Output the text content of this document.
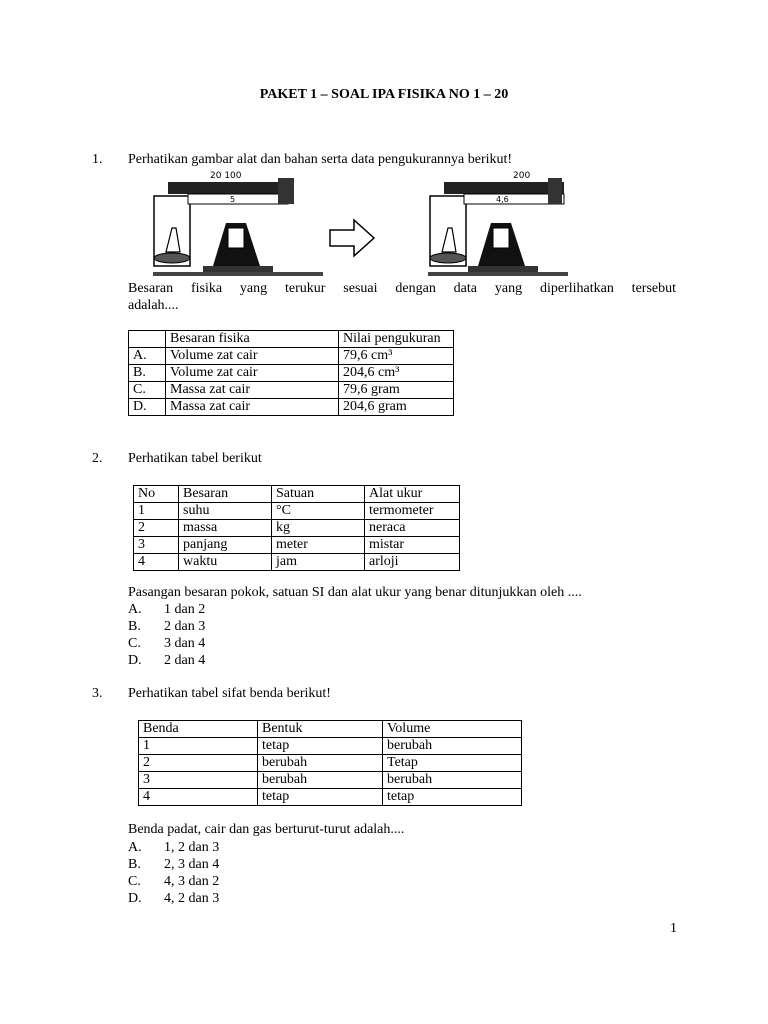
PAKET 1 – SOAL IPA FISIKA NO 1 – 20
1. Perhatikan gambar alat dan bahan serta data pengukurannya berikut!
20 100
5
200
4,6
Besaran fisika yang terukur sesuai dengan data yang diperlihatkan tersebut
adalah....
	Besaran fisika	Nilai pengukuran
A.	Volume zat cair	79,6 cm³
B.	Volume zat cair	204,6 cm³
C.	Massa zat cair	79,6 gram
D.	Massa zat cair	204,6 gram
2. Perhatikan tabel berikut
No	Besaran	Satuan	Alat ukur
1	suhu	°C	termometer
2	massa	kg	neraca
3	panjang	meter	mistar
4	waktu	jam	arloji
Pasangan besaran pokok, satuan SI dan alat ukur yang benar ditunjukkan oleh ....
A. 1 dan 2
B. 2 dan 3
C. 3 dan 4
D. 2 dan 4
3. Perhatikan tabel sifat benda berikut!
Benda	Bentuk	Volume
1	tetap	berubah
2	berubah	Tetap
3	berubah	berubah
4	tetap	tetap
Benda padat, cair dan gas berturut-turut adalah....
A. 1, 2 dan 3
B. 2, 3 dan 4
C. 4, 3 dan 2
D. 4, 2 dan 3
1
